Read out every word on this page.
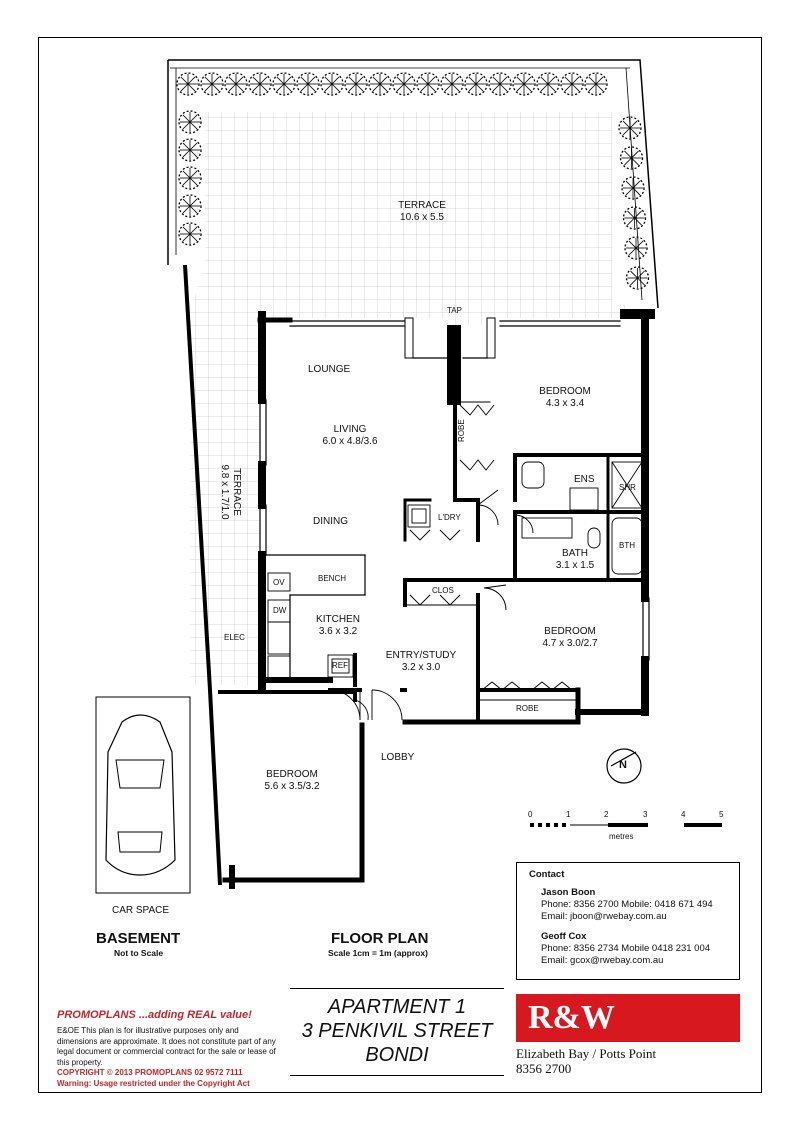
TERRACE
10.6 x 5.5
TERRACE
9.8 x 1.7/1.0
TAP
LOUNGE
LIVING
6.0 x 4.8/3.6
DINING
BENCH
OV
DW
REF
KITCHEN
3.6 x 3.2
ELEC
ROBE
L'DRY
BEDROOM
4.3 x 3.4
ENS
SHR
BATH
3.1 x 1.5
BTH
CLOS
ENTRY/STUDY
3.2 x 3.0
BEDROOM
4.7 x 3.0/2.7
ROBE
LOBBY
BEDROOM
5.6 x 3.5/3.2
N
0	1	2	3	4	5
metres
CAR SPACE
BASEMENT
Not to Scale
FLOOR PLAN
Scale 1cm = 1m (approx)
Contact
Jason Boon
Phone: 8356 2700 Mobile: 0418 671 494
Email: jboon@rwebay.com.au
Geoff Cox
Phone: 8356 2734 Mobile 0418 231 004
Email: gcox@rwebay.com.au
APARTMENT 1
3 PENKIVIL STREET
BONDI
R&W
Elizabeth Bay / Potts Point
8356 2700
PROMOPLANS ...adding REAL value!
E&OE This plan is for illustrative purposes only and dimensions are approximate. It does not constitute part of any legal document or commercial contract for the sale or lease of this property.
COPYRIGHT © 2013 PROMOPLANS 02 9572 7111
Warning: Usage restricted under the Copyright Act
